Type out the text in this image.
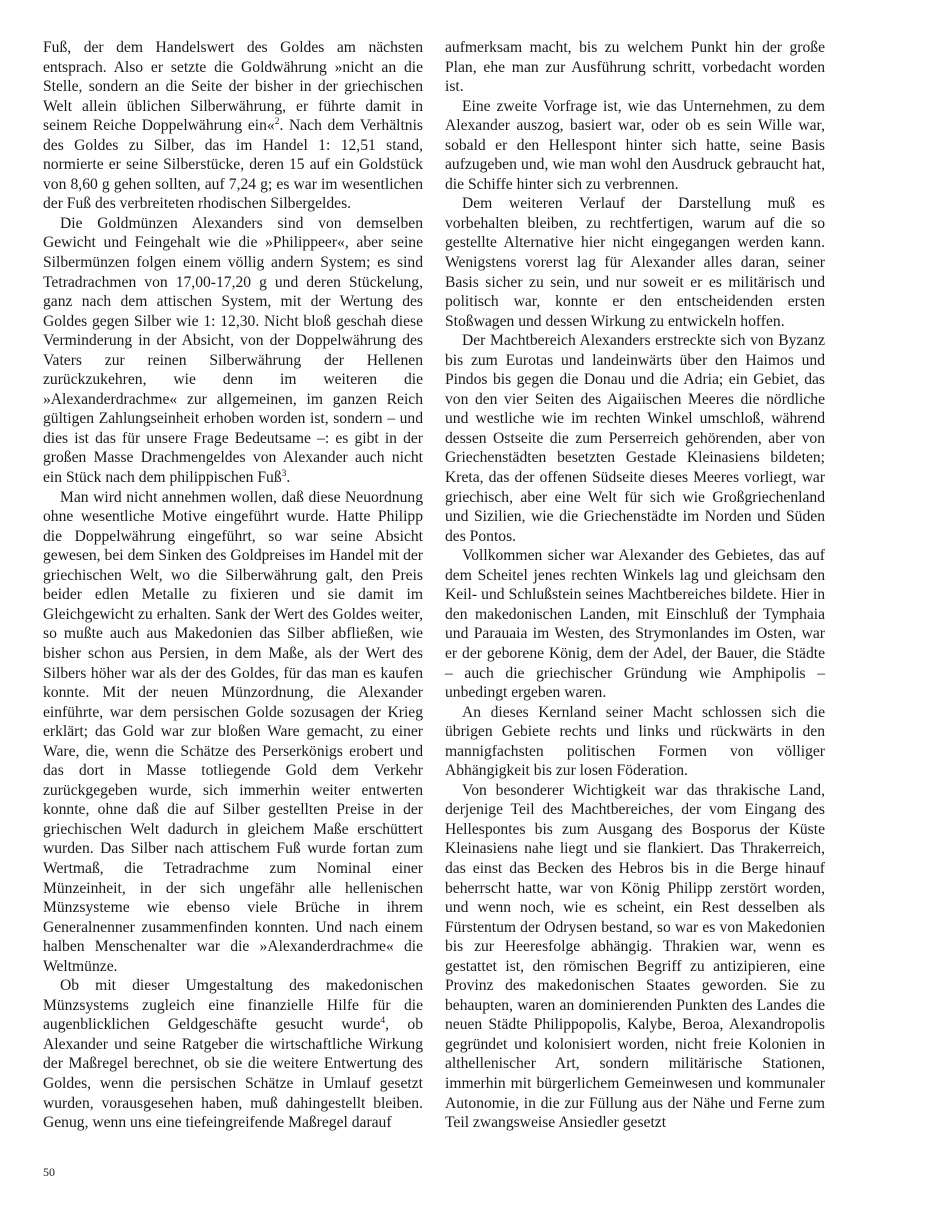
Fuß, der dem Handelswert des Goldes am nächsten entsprach. Also er setzte die Goldwährung »nicht an die Stelle, sondern an die Seite der bisher in der griechischen Welt allein üblichen Silberwährung, er führte damit in seinem Reiche Doppelwährung ein«$^2$. Nach dem Verhältnis des Goldes zu Silber, das im Handel 1: 12,51 stand, normierte er seine Silberstücke, deren 15 auf ein Goldstück von 8,60 g gehen sollten, auf 7,24 g; es war im wesentlichen der Fuß des verbreiteten rhodischen Silbergeldes.

Die Goldmünzen Alexanders sind von demselben Gewicht und Feingehalt wie die »Philippeer«, aber seine Silbermünzen folgen einem völlig andern System; es sind Tetradrachmen von 17,00-17,20 g und deren Stückelung, ganz nach dem attischen System, mit der Wertung des Goldes gegen Silber wie 1: 12,30. Nicht bloß geschah diese Verminderung in der Absicht, von der Doppelwährung des Vaters zur reinen Silberwährung der Hellenen zurückzukehren, wie denn im weiteren die »Alexanderdrachme« zur allgemeinen, im ganzen Reich gültigen Zahlungseinheit erhoben worden ist, sondern – und dies ist das für unsere Frage Bedeutsame –: es gibt in der großen Masse Drachmengeldes von Alexander auch nicht ein Stück nach dem philippischen Fuß$^3$.

Man wird nicht annehmen wollen, daß diese Neuordnung ohne wesentliche Motive eingeführt wurde. Hatte Philipp die Doppelwährung eingeführt, so war seine Absicht gewesen, bei dem Sinken des Goldpreises im Handel mit der griechischen Welt, wo die Silberwährung galt, den Preis beider edlen Metalle zu fixieren und sie damit im Gleichgewicht zu erhalten. Sank der Wert des Goldes weiter, so mußte auch aus Makedonien das Silber abfließen, wie bisher schon aus Persien, in dem Maße, als der Wert des Silbers höher war als der des Goldes, für das man es kaufen konnte. Mit der neuen Münzordnung, die Alexander einführte, war dem persischen Golde sozusagen der Krieg erklärt; das Gold war zur bloßen Ware gemacht, zu einer Ware, die, wenn die Schätze des Perserkönigs erobert und das dort in Masse totliegende Gold dem Verkehr zurückgegeben wurde, sich immerhin weiter entwerten konnte, ohne daß die auf Silber gestellten Preise in der griechischen Welt dadurch in gleichem Maße erschüttert wurden. Das Silber nach attischem Fuß wurde fortan zum Wertmaß, die Tetradrachme zum Nominal einer Münzeinheit, in der sich ungefähr alle hellenischen Münzsysteme wie ebenso viele Brüche in ihrem Generalnenner zusammenfinden konnten. Und nach einem halben Menschenalter war die »Alexanderdrachme« die Weltmünze.

Ob mit dieser Umgestaltung des makedonischen Münzsystems zugleich eine finanzielle Hilfe für die augenblicklichen Geldgeschäfte gesucht wurde$^4$, ob Alexander und seine Ratgeber die wirtschaftliche Wirkung der Maßregel berechnet, ob sie die weitere Entwertung des Goldes, wenn die persischen Schätze in Umlauf gesetzt wurden, vorausgesehen haben, muß dahingestellt bleiben. Genug, wenn uns eine tiefeingreifende Maßregel darauf

aufmerksam macht, bis zu welchem Punkt hin der große Plan, ehe man zur Ausführung schritt, vorbedacht worden ist.

Eine zweite Vorfrage ist, wie das Unternehmen, zu dem Alexander auszog, basiert war, oder ob es sein Wille war, sobald er den Hellespont hinter sich hatte, seine Basis aufzugeben und, wie man wohl den Ausdruck gebraucht hat, die Schiffe hinter sich zu verbrennen.

Dem weiteren Verlauf der Darstellung muß es vorbehalten bleiben, zu rechtfertigen, warum auf die so gestellte Alternative hier nicht eingegangen werden kann. Wenigstens vorerst lag für Alexander alles daran, seiner Basis sicher zu sein, und nur soweit er es militärisch und politisch war, konnte er den entscheidenden ersten Stoßwagen und dessen Wirkung zu entwickeln hoffen.

Der Machtbereich Alexanders erstreckte sich von Byzanz bis zum Eurotas und landeinwärts über den Haimos und Pindos bis gegen die Donau und die Adria; ein Gebiet, das von den vier Seiten des Aigaiischen Meeres die nördliche und westliche wie im rechten Winkel umschloß, während dessen Ostseite die zum Perserreich gehörenden, aber von Griechenstädten besetzten Gestade Kleinasiens bildeten; Kreta, das der offenen Südseite dieses Meeres vorliegt, war griechisch, aber eine Welt für sich wie Großgriechenland und Sizilien, wie die Griechenstädte im Norden und Süden des Pontos.

Vollkommen sicher war Alexander des Gebietes, das auf dem Scheitel jenes rechten Winkels lag und gleichsam den Keil- und Schlußstein seines Machtbereiches bildete. Hier in den makedonischen Landen, mit Einschluß der Tymphaia und Parauaia im Westen, des Strymonlandes im Osten, war er der geborene König, dem der Adel, der Bauer, die Städte – auch die griechischer Gründung wie Amphipolis – unbedingt ergeben waren.

An dieses Kernland seiner Macht schlossen sich die übrigen Gebiete rechts und links und rückwärts in den mannigfachsten politischen Formen von völliger Abhängigkeit bis zur losen Föderation.

Von besonderer Wichtigkeit war das thrakische Land, derjenige Teil des Machtbereiches, der vom Eingang des Hellespontes bis zum Ausgang des Bosporus der Küste Kleinasiens nahe liegt und sie flankiert. Das Thrakerreich, das einst das Becken des Hebros bis in die Berge hinauf beherrscht hatte, war von König Philipp zerstört worden, und wenn noch, wie es scheint, ein Rest desselben als Fürstentum der Odrysen bestand, so war es von Makedonien bis zur Heeresfolge abhängig. Thrakien war, wenn es gestattet ist, den römischen Begriff zu antizipieren, eine Provinz des makedonischen Staates geworden. Sie zu behaupten, waren an dominierenden Punkten des Landes die neuen Städte Philippopolis, Kalybe, Beroa, Alexandropolis gegründet und kolonisiert worden, nicht freie Kolonien in althellenischer Art, sondern militärische Stationen, immerhin mit bürgerlichem Gemeinwesen und kommunaler Autonomie, in die zur Füllung aus der Nähe und Ferne zum Teil zwangsweise Ansiedler gesetzt

50
